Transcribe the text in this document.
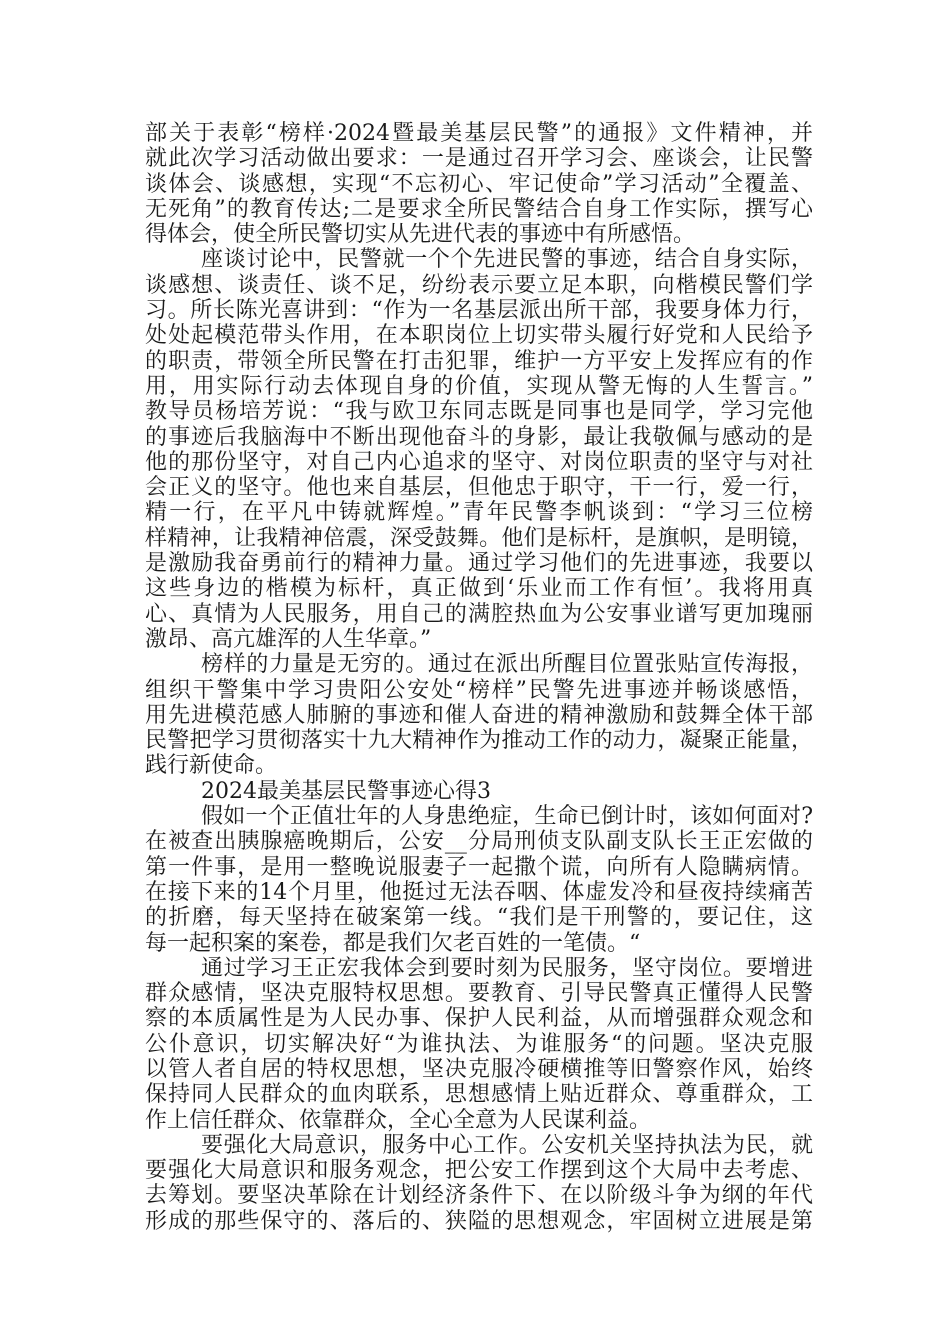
部关于表彰“榜样·2024暨最美基层民警”的通报》文件精神，并
就此次学习活动做出要求：一是通过召开学习会、座谈会，让民警
谈体会、谈感想，实现“不忘初心、牢记使命”学习活动”全覆盖、
无死角”的教育传达;二是要求全所民警结合自身工作实际，撰写心
得体会，使全所民警切实从先进代表的事迹中有所感悟。
座谈讨论中，民警就一个个先进民警的事迹，结合自身实际，
谈感想、谈责任、谈不足，纷纷表示要立足本职，向楷模民警们学
习。所长陈光喜讲到：“作为一名基层派出所干部，我要身体力行，
处处起模范带头作用，在本职岗位上切实带头履行好党和人民给予
的职责，带领全所民警在打击犯罪，维护一方平安上发挥应有的作
用，用实际行动去体现自身的价值，实现从警无悔的人生誓言。”
教导员杨培芳说：“我与欧卫东同志既是同事也是同学，学习完他
的事迹后我脑海中不断出现他奋斗的身影，最让我敬佩与感动的是
他的那份坚守，对自己内心追求的坚守、对岗位职责的坚守与对社
会正义的坚守。他也来自基层，但他忠于职守，干一行，爱一行，
精一行，在平凡中铸就辉煌。”青年民警李帆谈到：“学习三位榜
样精神，让我精神倍震，深受鼓舞。他们是标杆，是旗帜，是明镜，
是激励我奋勇前行的精神力量。通过学习他们的先进事迹，我要以
这些身边的楷模为标杆，真正做到‘乐业而工作有恒’。我将用真
心、真情为人民服务，用自己的满腔热血为公安事业谱写更加瑰丽
激昂、高亢雄浑的人生华章。”
榜样的力量是无穷的。通过在派出所醒目位置张贴宣传海报，
组织干警集中学习贵阳公安处“榜样”民警先进事迹并畅谈感悟，
用先进模范感人肺腑的事迹和催人奋进的精神激励和鼓舞全体干部
民警把学习贯彻落实十九大精神作为推动工作的动力，凝聚正能量，
践行新使命。
2024最美基层民警事迹心得3
假如一个正值壮年的人身患绝症，生命已倒计时，该如何面对?
在被查出胰腺癌晚期后，公安__分局刑侦支队副支队长王正宏做的
第一件事，是用一整晚说服妻子一起撒个谎，向所有人隐瞒病情。
在接下来的14个月里，他挺过无法吞咽、体虚发冷和昼夜持续痛苦
的折磨，每天坚持在破案第一线。“我们是干刑警的，要记住，这
每一起积案的案卷，都是我们欠老百姓的一笔债。“
通过学习王正宏我体会到要时刻为民服务，坚守岗位。要增进
群众感情，坚决克服特权思想。要教育、引导民警真正懂得人民警
察的本质属性是为人民办事、保护人民利益，从而增强群众观念和
公仆意识，切实解决好“为谁执法、为谁服务“的问题。坚决克服
以管人者自居的特权思想，坚决克服冷硬横推等旧警察作风，始终
保持同人民群众的血肉联系，思想感情上贴近群众、尊重群众，工
作上信任群众、依靠群众，全心全意为人民谋利益。
要强化大局意识，服务中心工作。公安机关坚持执法为民，就
要强化大局意识和服务观念，把公安工作摆到这个大局中去考虑、
去筹划。要坚决革除在计划经济条件下、在以阶级斗争为纲的年代
形成的那些保守的、落后的、狭隘的思想观念，牢固树立进展是第
